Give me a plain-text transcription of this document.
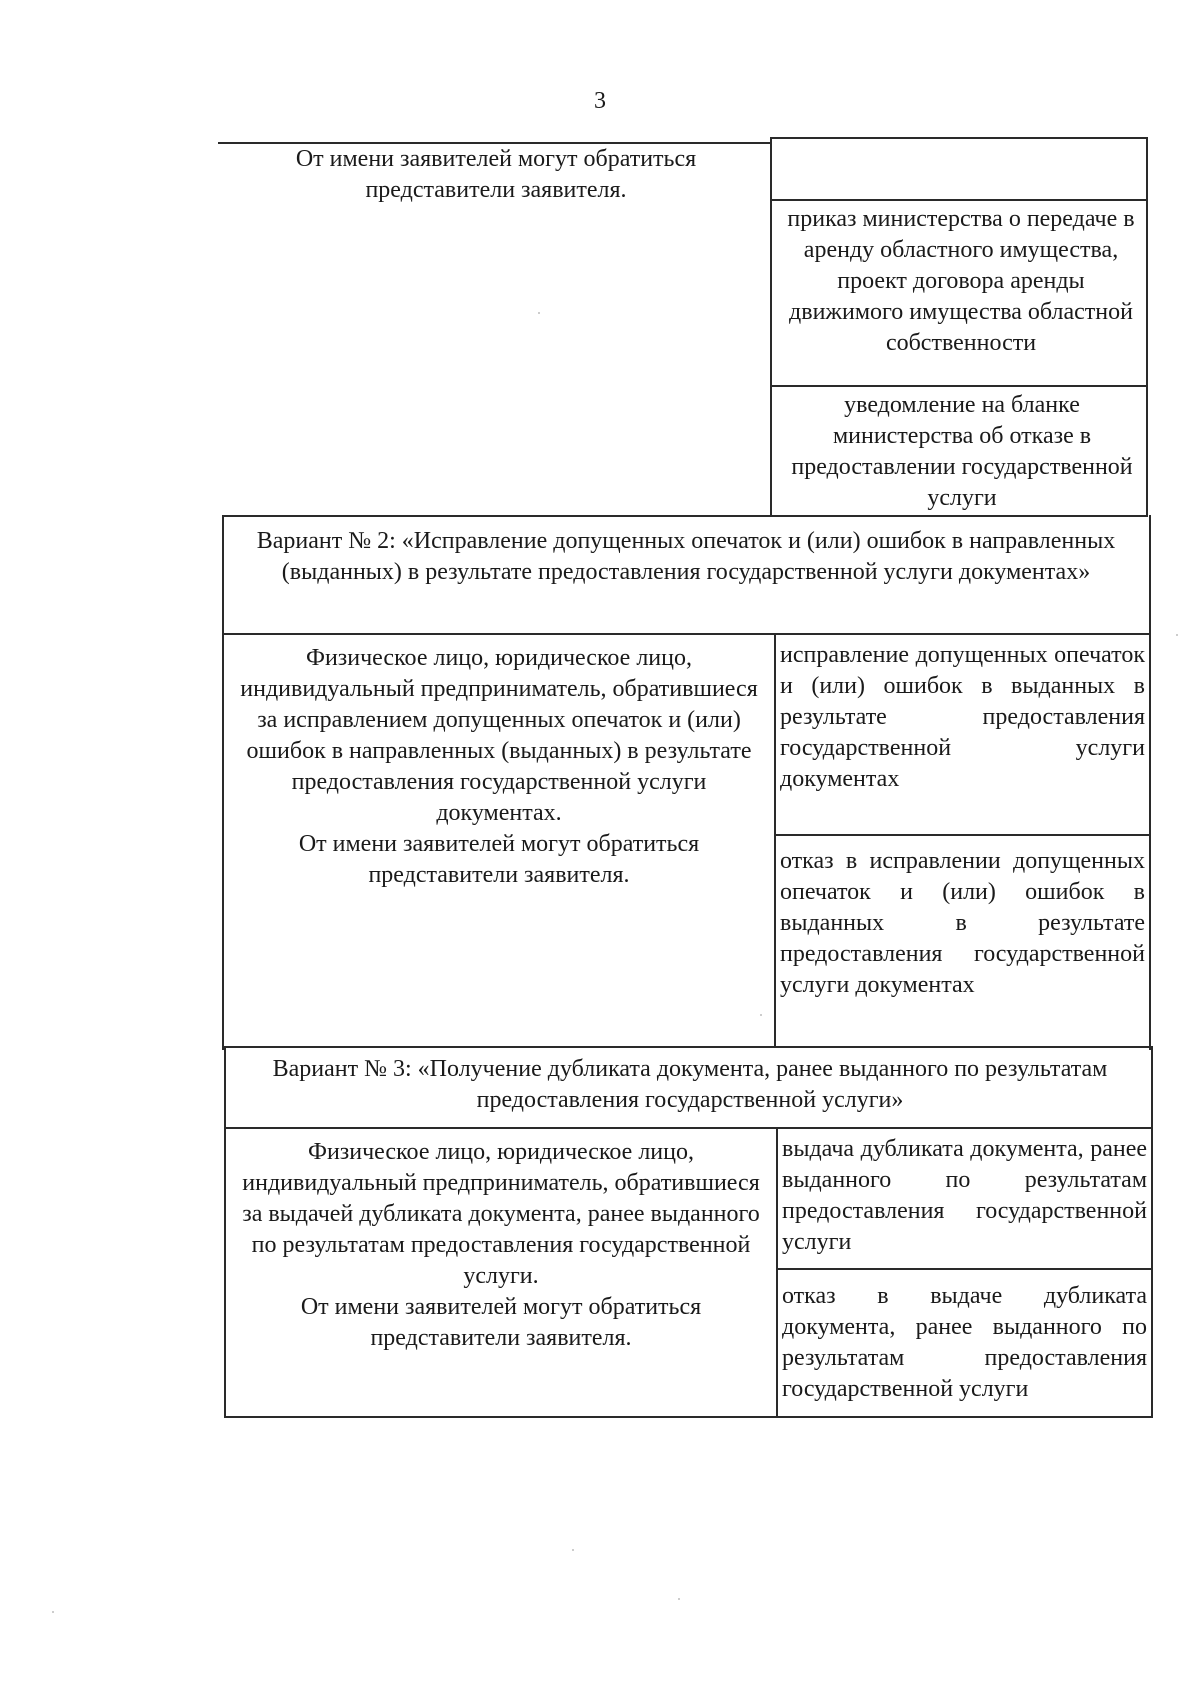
3
От имени заявителей могут обратиться представители заявителя.
приказ министерства о передаче в аренду областного имущества, проект договора аренды движимого имущества областной собственности
уведомление на бланке министерства об отказе в предоставлении государственной услуги
Вариант № 2: «Исправление допущенных опечаток и (или) ошибок в направленных (выданных) в результате предоставления государственной услуги документах»
Физическое лицо, юридическое лицо, индивидуальный предприниматель, обратившиеся за исправлением допущенных опечаток и (или) ошибок в направленных (выданных) в результате предоставления государственной услуги документах.
От имени заявителей могут обратиться представители заявителя.
исправление допущенных опечаток и (или) ошибок в выданных в результате предоставления государственной услуги документах
отказ в исправлении допущенных опечаток и (или) ошибок в выданных в результате предоставления государственной услуги документах
Вариант № 3: «Получение дубликата документа, ранее выданного по результатам предоставления государственной услуги»
Физическое лицо, юридическое лицо, индивидуальный предприниматель, обратившиеся за выдачей дубликата документа, ранее выданного по результатам предоставления государственной услуги.
От имени заявителей могут обратиться представители заявителя.
выдача дубликата документа, ранее выданного по результатам предоставления государственной услуги
отказ в выдаче дубликата документа, ранее выданного по результатам предоставления государственной услуги
